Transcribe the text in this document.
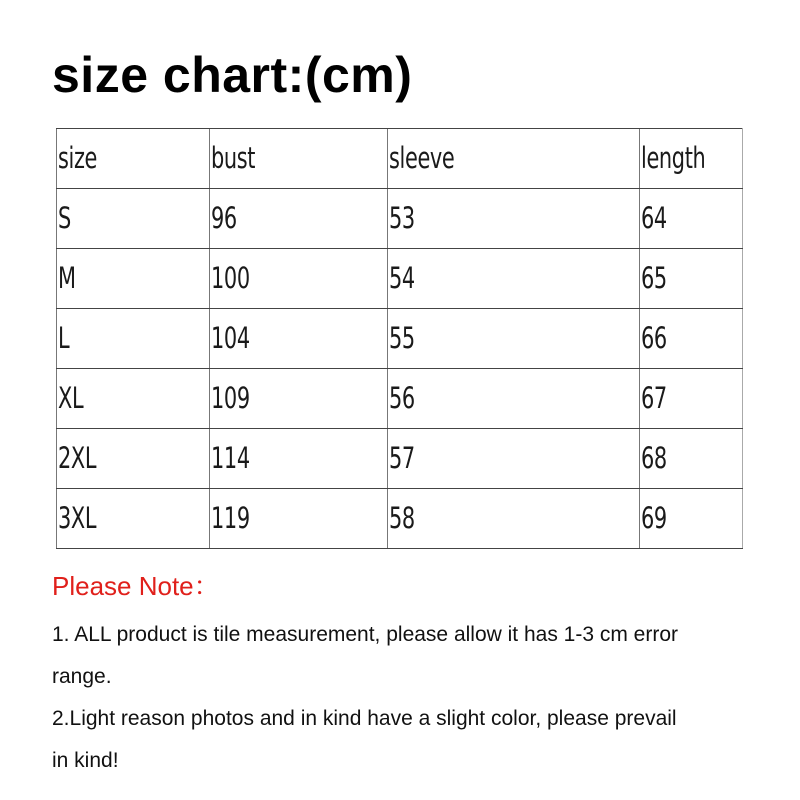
size chart:(cm)
size	bust	sleeve	length
S	96	53	64
M	100	54	65
L	104	55	66
XL	109	56	67
2XL	114	57	68
3XL	119	58	69

Please Note：

1. ALL product is tile measurement, please allow it has 1-3 cm error

range.

2.Light reason photos and in kind have a slight color, please prevail

in kind!
